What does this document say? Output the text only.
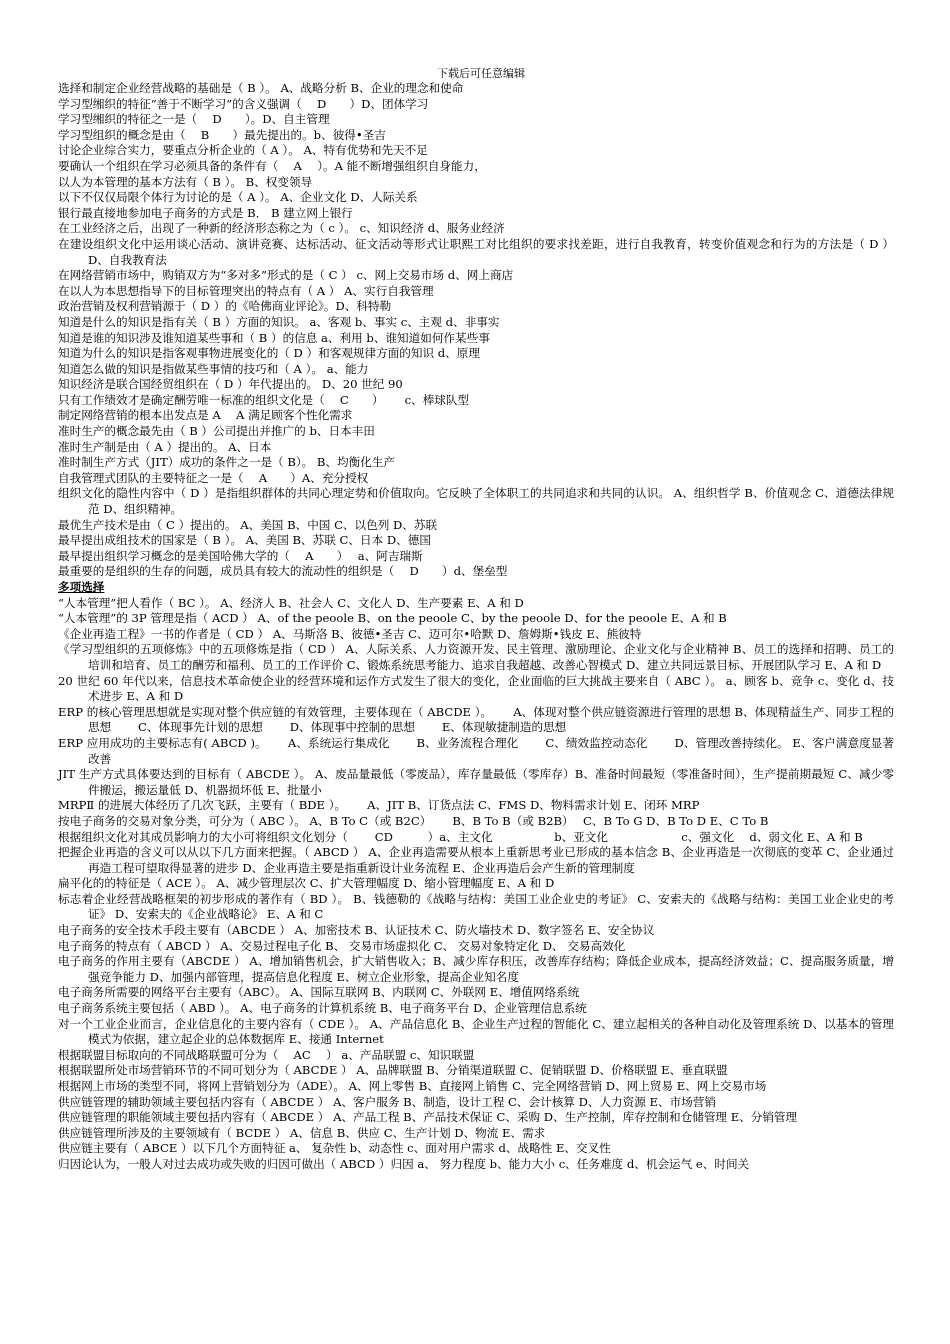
下载后可任意编辑
选择和制定企业经营战略的基础是（ B ）。 A、战略分析 B、企业的理念和使命
学习型缃织的特征“善于不断学习”的含义强调（　 D　　）D、团体学习
学习型缃织的特征之一是（　 D　　）。D、自主管理
学习型组织的概念是由（　 B　　）最先提出的。b、彼得•圣吉
讨论企业综合实力，要重点分析企业的（ A ）。 A、特有优势和先天不足
要确认一个组织在学习必须具备的条件有（　 A　 ）。A 能不断增强组织自身能力，
以人为本管理的基本方法有（ B ）。 B、权变领导
以下不仅仅局限个体行为讨论的是（ A ）。 A、企业文化 D、人际关系
银行最直接地参加电子商务的方式是 B． B 建立网上银行
在工业经济之后，出现了一种新的经济形态称之为（ c ）。 c、知识经济 d、服务业经济
在建设组织文化中运用谈心活动、演讲竞赛、达标活动、征文活动等形式让职熙工对比组织的要求找差距，进行自我教育，转变价值观念和行为的方法是（ D ）D、自我教育法
在网络营销市场中，购销双方为“多对多”形式的是（ C ） c、网上交易市场 d、网上商店
在以人为本思想指导下的目标管理突出的特点有（ A ） A、实行自我管理
政治营销及权利营销源于（ D ）的《哈佛商业评论》。D、科特勒
知道是什么的知识是指有关（ B ）方面的知识。 a、客观 b、事实 c、主观 d、非事实
知道是谁的知识涉及谁知道某些事和（ B ）的信息 a、利用 b、谁知道如何作某些事
知道为什么的知识是指客观事物进展变化的（ D ）和客观规律方面的知识 d、原理
知道怎么做的知识是指做某些事情的技巧和（ A ）。 a、能力
知识经济是联合国经贸组织在（ D ）年代提出的。 D、20 世纪 90
只有工作绩效才是确定酬劳唯一标准的组织文化是（　 C　　）　　 c、棒球队型
制定网络营销的根本出发点是 A　 A 满足顾客个性化需求
准时生产的概念最先由（ B ）公司提出并推广的 b、日本丰田
准时生产制是由（ A ）提出的。 A、日本
准时制生产方式（JIT）成功的条件之一是（ B）。 B、均衡化生产
自我管理式团队的主要特征之一是（　 A　　）A、充分授权
组织文化的隐性内容中（ D ）是指组织群体的共同心理定势和价值取向。它反映了全体职工的共同追求和共同的认识。 A、组织哲学 B、价值观念 C、道德法律规范 D、组织精神。
最优生产技术是由（ C ）提出的。 A、美国 B、中国 C、以色列 D、苏联
最早提出成组技术的国家是（ B ）。 A、美国 B、苏联 C、日本 D、德国
最早提出组织学习概念的是美国哈佛大学的（　 A　　）　 a、阿吉瑞斯
最重要的是组织的生存的问题，成员具有较大的流动性的组织是（　 D　　）d、堡垒型
多项选择
“人本管理”把人看作（ BC ）。 A、经济人 B、社会人 C、文化人 D、生产要素 E、A 和 D
“人本管理”的 3P 管理是指（ ACD ） A、of the peoole B、on the peoole C、by the peoole D、for the peoole E、A 和 B
《企业再造工程》一书的作者是（ CD ） A、马斯洛 B、彼德•圣吉 C、迈可尔•哈默 D、詹姆斯•钱皮 E、熊彼特
《学习型组织的五项修炼》中的五项修炼是指（ CD ） A、人际关系、人力资源开发、民主管理、激励理论、企业文化与企业精神 B、员工的选择和招聘、员工的培训和培育、员工的酬劳和福利、员工的工作评价 C、锻炼系统思考能力、追求自我超越、改善心智模式 D、建立共同远景目标、开展团队学习 E、A 和 D
20 世纪 60 年代以来，信息技术革命使企业的经营环境和运作方式发生了很大的变化，企业面临的巨大挑战主要来自（ ABC ）。 a、顾客 b、竞争 c、变化 d、技术进步 E、A 和 D
ERP 的核心管理思想就是实现对整个供应链的有效管理，主要体现在（ ABCDE ）。　　 A、体现对整个供应链资源进行管理的思想 B、体现精益生产、同步工程的思想　　 C、体现事先计划的思想　　 D、体现事中控制的思想　　 E、体现敏捷制造的思想
ERP 应用成功的主要标志有( ABCD )。　　 A、系统运行集成化　　 B、业务流程合理化　　 C、绩效监控动态化　　 D、管理改善持续化。 E、客户满意度显著改善
JIT 生产方式具体要达到的目标有（ ABCDE ）。 A、废品量最低（零废品），库存量最低（零库存）B、准备时间最短（零准备时间），生产提前期最短 C、减少零件搬运，搬运量低 D、机器损坏低 E、批量小
MRPⅡ 的进展大体经历了几次飞跃，主要有（ BDE ）。　　 A、JIT B、订货点法 C、FMS D、物料需求计划 E、闭环 MRP
按电子商务的交易对象分类，可分为（ ABC ）。 A、B To C（或 B2C）　　 B、B To B（或 B2B）　 C、B To G D、B To D E、C To B
根据组织文化对其成员影响力的大小可将组织文化划分（　　 CD　　　）a、主文化　　　　　 b、亚文化　　　　　　 c、强文化　 d、弱文化 E、A 和 B
把握企业再造的含义可以从以下几方面来把握。（ ABCD ） A、企业再造需要从根本上重新思考业已形成的基本信念 B、企业再造是一次彻底的变革 C、企业通过再造工程可望取得显著的进步 D、企业再造主要是指重新设计业务流程 E、企业再造后会产生新的管理制度
扁平化的的特征是（ ACE ）。 A、减少管理层次 C、扩大管理幅度 D、缩小管理幅度 E、A 和 D
标志着企业经营战略框架的初步形成的著作有（ BD ）。 B、钱德勒的《战略与结构：美国工业企业史的考证》 C、安索夫的《战略与结构：美国工业企业史的考证》 D、安索夫的《企业战略论》 E、A 和 C
电子商务的安全技术手段主要有（ABCDE ） A、加密技术 B、认证技术 C、防火墙技术 D、数字签名 E、安全协议
电子商务的特点有（ ABCD ） A、交易过程电子化 B、 交易市场虚拟化 C、 交易对象特定化 D、 交易高效化
电子商务的作用主要有（ABCDE ） A、增加销售机会，扩大销售收入；B、减少库存积压，改善库存结构；降低企业成本，提高经济效益；C、提高服务质量，增强竞争能力 D、加强内部管理，提高信息化程度 E、树立企业形象，提高企业知名度
电子商务所需要的网络平台主要有（ABC）。 A、国际互联网 B、内联网 C、外联网 E、增值网络系统
电子商务系统主要包括（ ABD ）。 A、电子商务的计算机系统 B、电子商务平台 D、企业管理信息系统
对一个工业企业而言，企业信息化的主要内容有（ CDE ）。 A、产品信息化 B、企业生产过程的智能化 C、建立起相关的各种自动化及管理系统 D、以基本的管理模式为依据，建立起企业的总体数据库 E、接通 Internet
根据联盟目标取向的不同战略联盟可分为（　 AC　 ） a、产品联盟 c、知识联盟
根据联盟所处市场营销环节的不同可划分为（ ABCDE ） A、品牌联盟 B、分销渠道联盟 C、促销联盟 D、价格联盟 E、垂直联盟
根据网上市场的类型不同，将网上营销划分为（ADE）。 A、网上零售 B、直接网上销售 C、完全网络营销 D、网上贸易 E、网上交易市场
供应链管理的辅助领域主要包括内容有（ ABCDE ） A、客户服务 B、制造，设计工程 C、会计核算 D、人力资源 E、市场营销
供应链管理的职能领域主要包括内容有（ ABCDE ） A、产品工程 B、产品技术保证 C、采购 D、生产控制，库存控制和仓储管理 E、分销管理
供应链管理所涉及的主要领域有（ BCDE ） A、信息 B、供应 C、生产计划 D、物流 E、需求
供应链主要有（ ABCE ）以下几个方面特征 a、 复杂性 b、动态性 c、面对用户需求 d、战略性 E、交叉性
归因论认为，一般人对过去成功或失败的归因可做出（ ABCD ）归因 a、 努力程度 b、能力大小 c、任务难度 d、机会运气 e、时间关
